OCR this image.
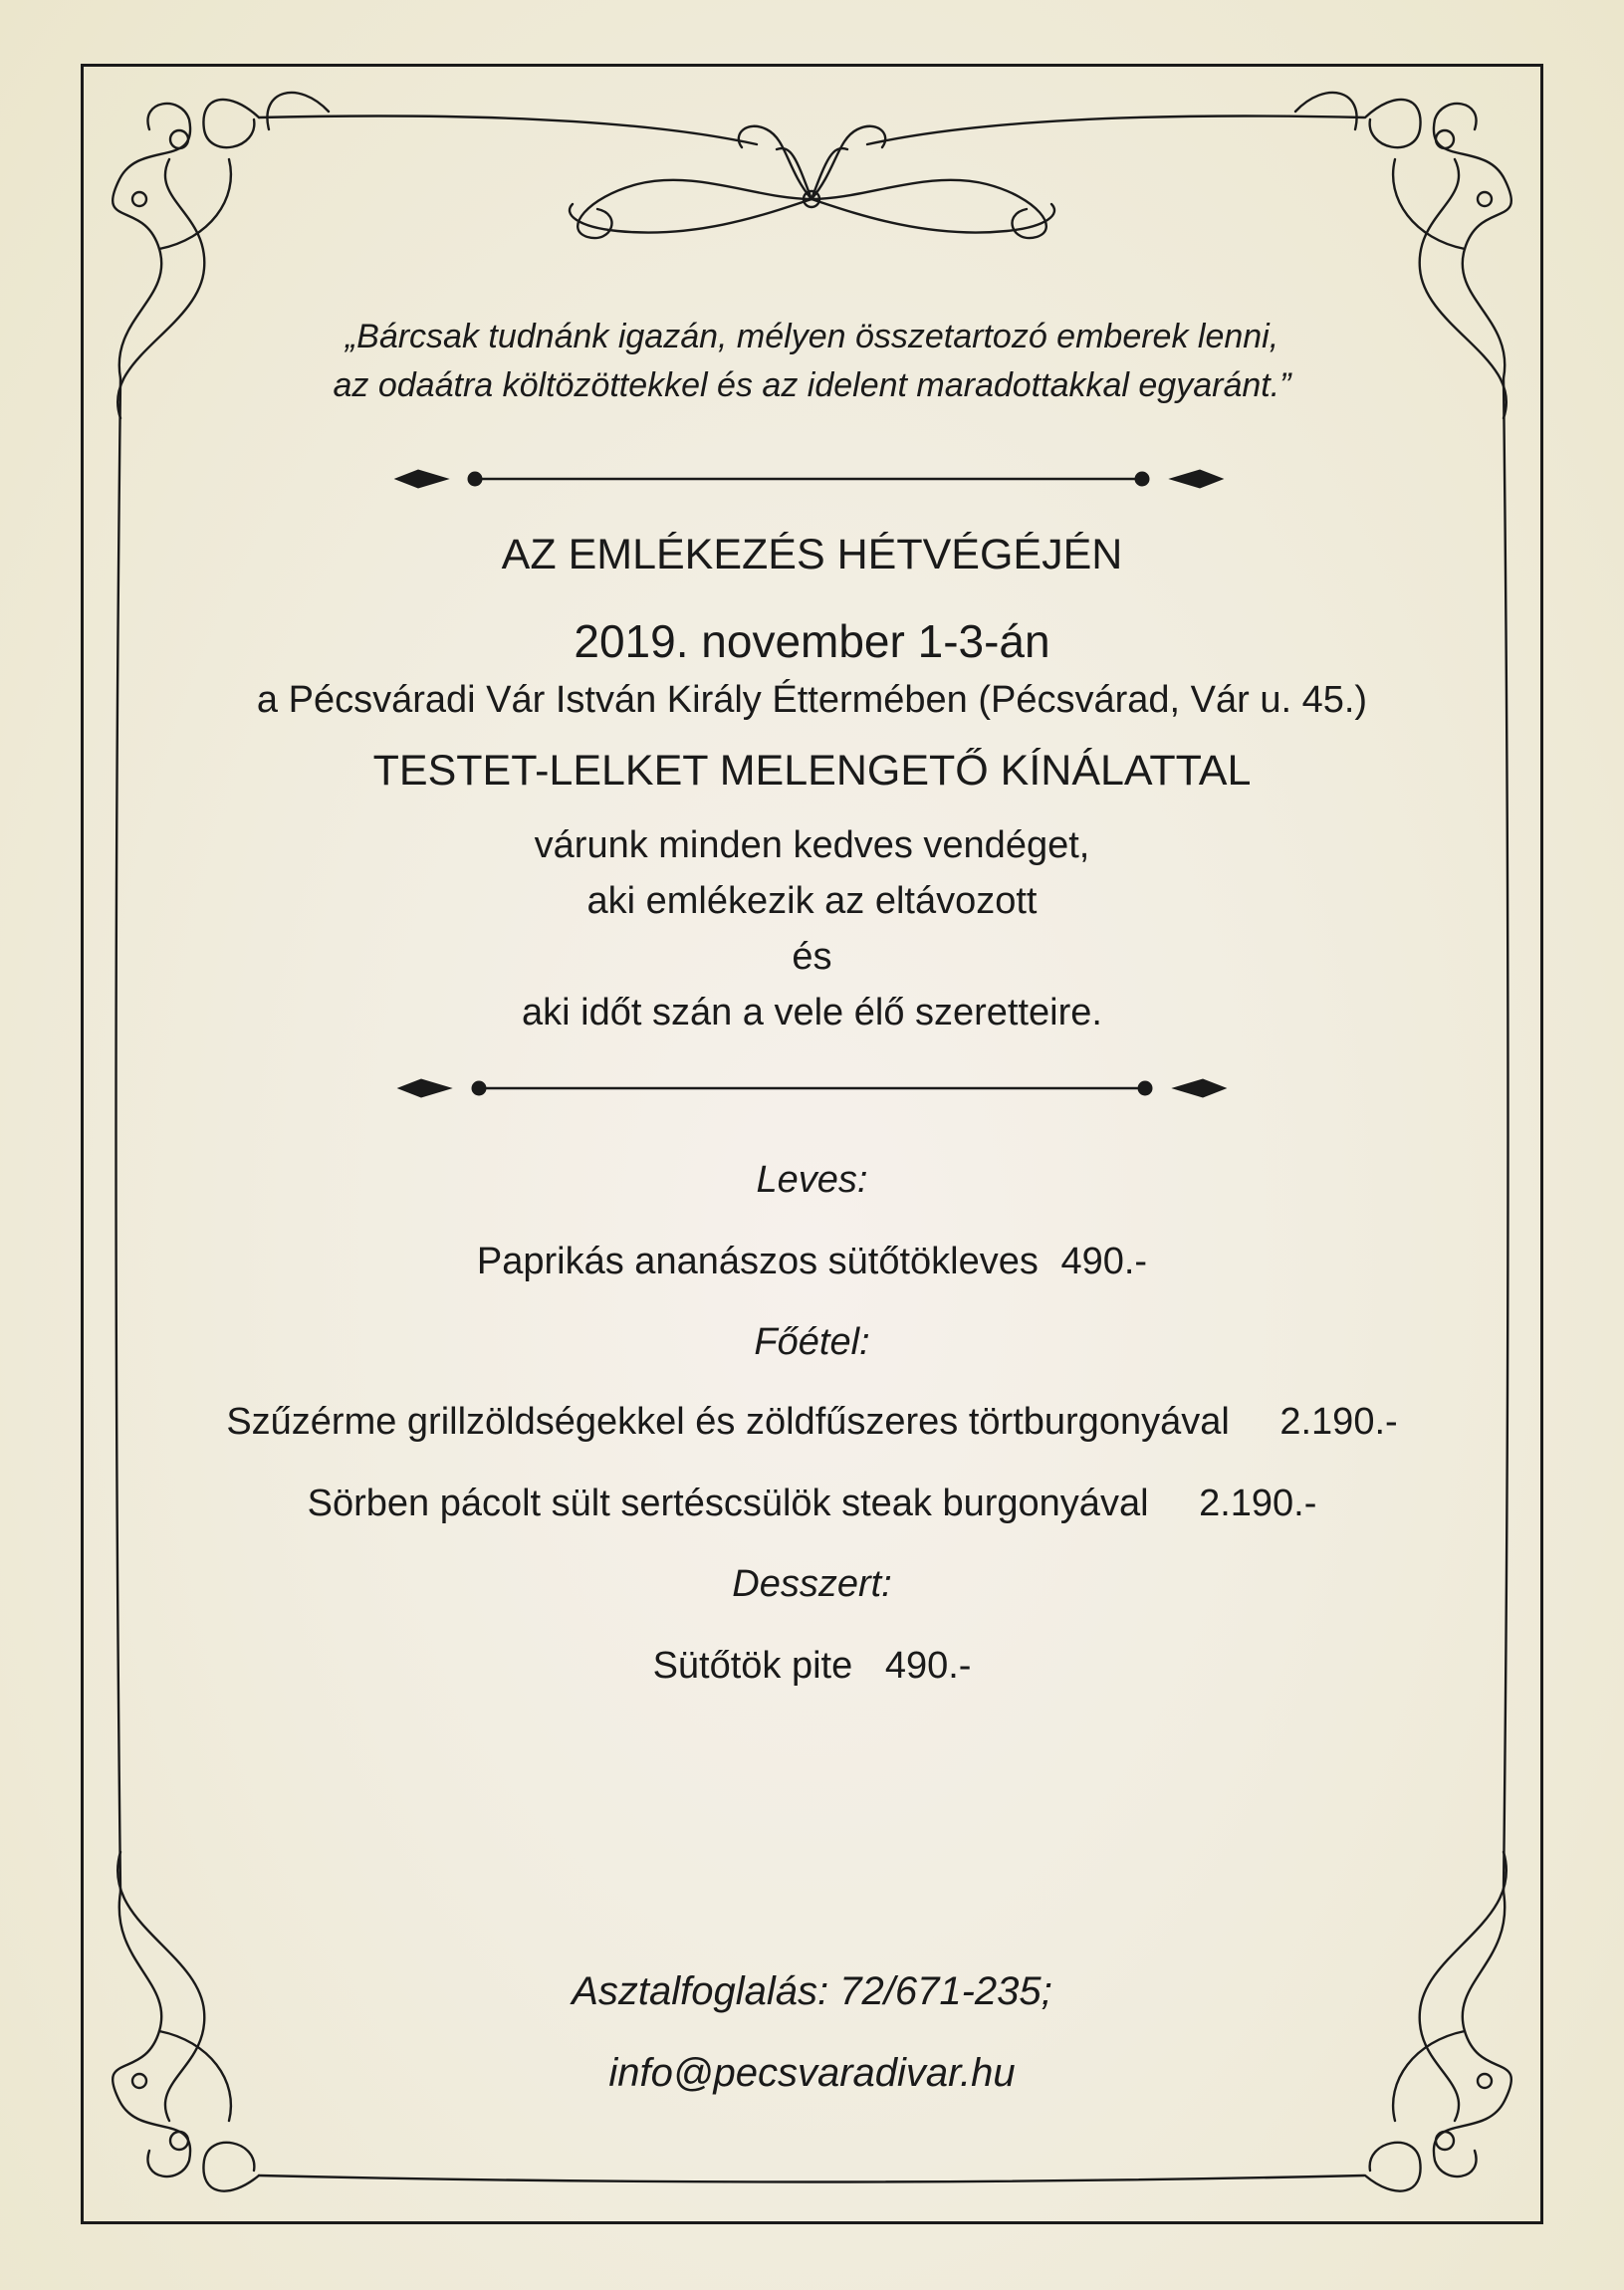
„Bárcsak tudnánk igazán, mélyen összetartozó emberek lenni,

az odaátra költözöttekkel és az idelent maradottakkal egyaránt.”

AZ EMLÉKEZÉS HÉTVÉGÉJÉN

2019. november 1-3-án

a Pécsváradi Vár István Király Éttermében (Pécsvárad, Vár u. 45.)

TESTET-LELKET MELENGETŐ KÍNÁLATTAL

várunk minden kedves vendéget,

aki emlékezik az eltávozott

és

aki időt szán a vele élő szeretteire.

Leves:

Paprikás ananászos sütőtökleves 490.-

Főétel:

Szűzérme grillzöldségekkel és zöldfűszeres törtburgonyával 2.190.-

Sörben pácolt sült sertéscsülök steak burgonyával 2.190.-

Desszert:

Sütőtök pite 490.-

Asztalfoglalás: 72/671-235;

info@pecsvaradivar.hu
